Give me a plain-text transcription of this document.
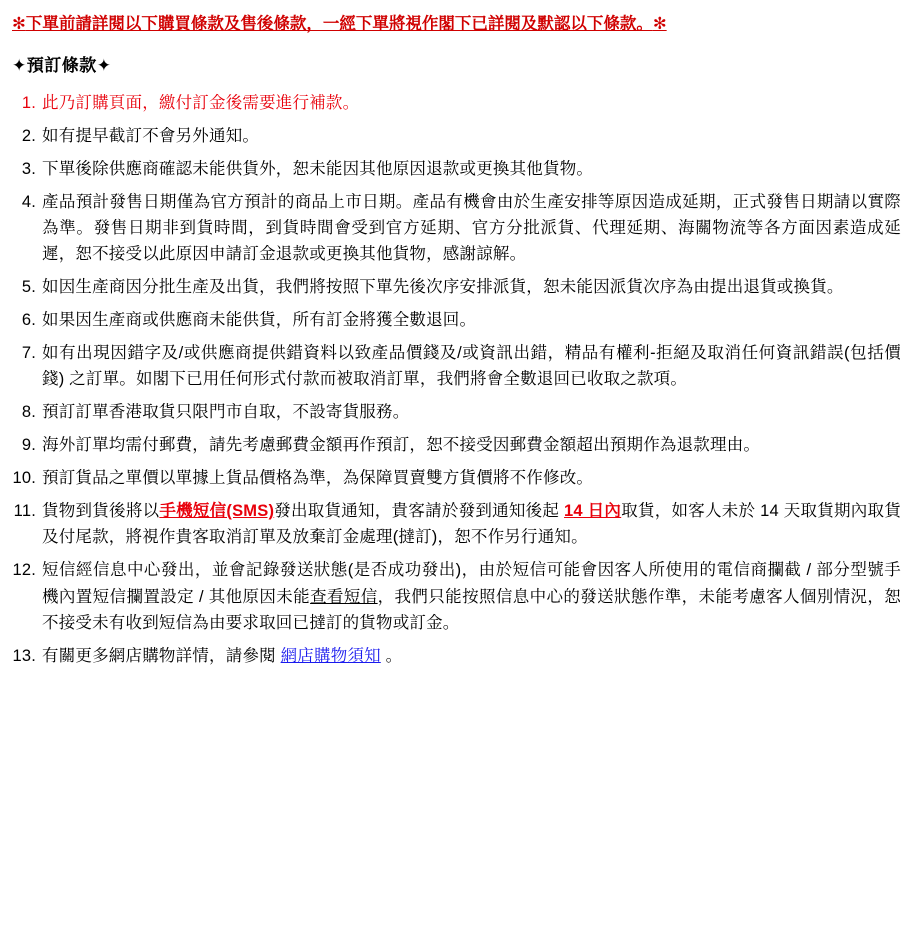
✻下單前請詳閱以下購買條款及售後條款，一經下單將視作閣下已詳閱及默認以下條款。✻
✦預訂條款✦
此乃訂購頁面，繳付訂金後需要進行補款。
如有提早截訂不會另外通知。
下單後除供應商確認未能供貨外，恕未能因其他原因退款或更換其他貨物。
產品預計發售日期僅為官方預計的商品上市日期。產品有機會由於生產安排等原因造成延期，正式發售日期請以實際為準。發售日期非到貨時間，到貨時間會受到官方延期、官方分批派貨、代理延期、海關物流等各方面因素造成延遲，恕不接受以此原因申請訂金退款或更換其他貨物，感謝諒解。
如因生產商因分批生產及出貨，我們將按照下單先後次序安排派貨，恕未能因派貨次序為由提出退貨或換貨。
如果因生產商或供應商未能供貨，所有訂金將獲全數退回。
如有出現因錯字及/或供應商提供錯資料以致產品價錢及/或資訊出錯，精品有權利-拒絕及取消任何資訊錯誤(包括價錢) 之訂單。如閣下已用任何形式付款而被取消訂單，我們將會全數退回已收取之款項。
預訂訂單香港取貨只限門市自取，不設寄貨服務。
海外訂單均需付郵費，請先考慮郵費金額再作預訂，恕不接受因郵費金額超出預期作為退款理由。
預訂貨品之單價以單據上貨品價格為準，為保障買賣雙方貨價將不作修改。
貨物到貨後將以手機短信(SMS)發出取貨通知，貴客請於發到通知後起 14 日內取貨，如客人未於 14 天取貨期內取貨及付尾款，將視作貴客取消訂單及放棄訂金處理(撻訂)，恕不作另行通知。
短信經信息中心發出，並會記錄發送狀態(是否成功發出)，由於短信可能會因客人所使用的電信商攔截 / 部分型號手機內置短信攔置設定 / 其他原因未能查看短信，我們只能按照信息中心的發送狀態作準，未能考慮客人個別情況，恕不接受未有收到短信為由要求取回已撻訂的貨物或訂金。
有關更多網店購物詳情，請參閱 網店購物須知 。
